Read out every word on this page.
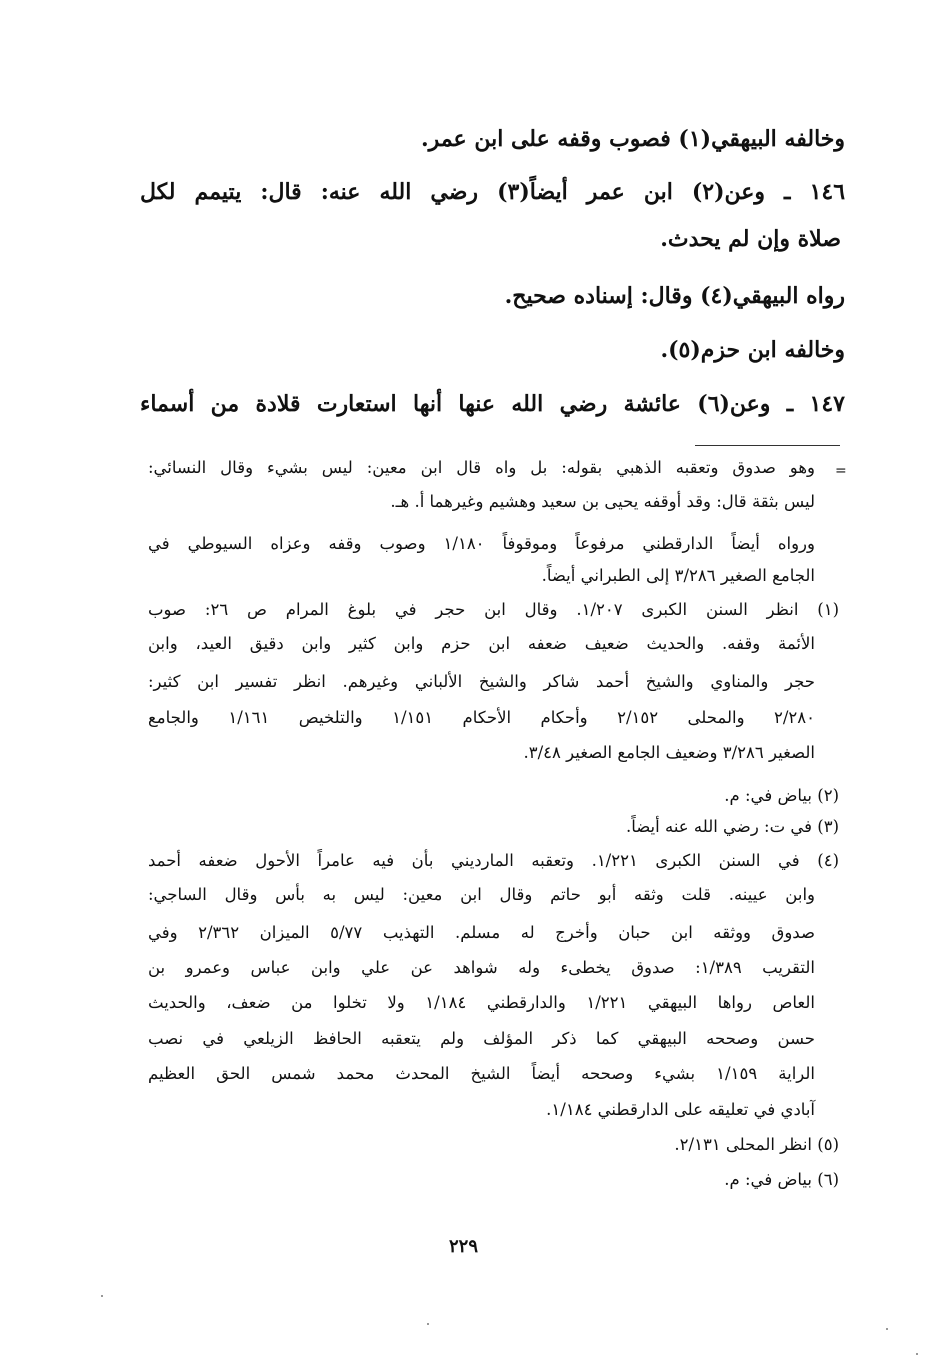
وخالفه البيهقي(١) فصوب وقفه على ابن عمر.
١٤٦ ـ وعن(٢) ابن عمر أيضاً(٣) رضي الله عنه: قال: يتيمم لكل
صلاة وإن لم يحدث.
رواه البيهقي(٤) وقال: إسناده صحيح.
وخالفه ابن حزم(٥).
١٤٧ ـ وعن(٦) عائشة رضي الله عنها أنها استعارت قلادة من أسماء
=
وهو صدوق وتعقبه الذهبي بقوله: بل واه قال ابن معين: ليس بشيء وقال النسائي:
ليس بثقة قال: وقد أوقفه يحيى بن سعيد وهشيم وغيرهما أ. هـ.
ورواه أيضاً الدارقطني مرفوعاً وموقوفاً ١/١٨٠ وصوب وقفه وعزاه السيوطي في
الجامع الصغير ٣/٢٨٦ إلى الطبراني أيضاً.
(١) انظر السنن الكبرى ١/٢٠٧. وقال ابن حجر في بلوغ المرام ص ٢٦: صوب
الأئمة وقفه. والحديث ضعيف ضعفه ابن حزم وابن كثير وابن دقيق العيد، وابن
حجر والمناوي والشيخ أحمد شاكر والشيخ الألباني وغيرهم. انظر تفسير ابن كثير:
٢/٢٨٠ والمحلى ٢/١٥٢ وأحكام الأحكام ١/١٥١ والتلخيص ١/١٦١ والجامع
الصغير ٣/٢٨٦ وضعيف الجامع الصغير ٣/٤٨.
(٢) بياض في: م.
(٣) في ت: رضي الله عنه أيضاً.
(٤) في السنن الكبرى ١/٢٢١. وتعقبه المارديني بأن فيه عامراً الأحول ضعفه أحمد
وابن عيينه. قلت وثقه أبو حاتم وقال ابن معين: ليس به بأس وقال الساجي:
صدوق ووثقه ابن حبان وأخرج له مسلم. التهذيب ٥/٧٧ الميزان ٢/٣٦٢ وفي
التقريب ١/٣٨٩: صدوق يخطىء وله شواهد عن علي وابن عباس وعمرو بن
العاص رواها البيهقي ١/٢٢١ والدارقطني ١/١٨٤ ولا تخلوا من ضعف، والحديث
حسن وصححه البيهقي كما ذكر المؤلف ولم يتعقبه الحافظ الزيلعي في نصب
الراية ١/١٥٩ بشيء وصححه أيضاً الشيخ المحدث محمد شمس الحق العظيم
آبادي في تعليقه على الدارقطني ١/١٨٤.
(٥) انظر المحلى ٢/١٣١.
(٦) بياض في: م.
٢٢٩
